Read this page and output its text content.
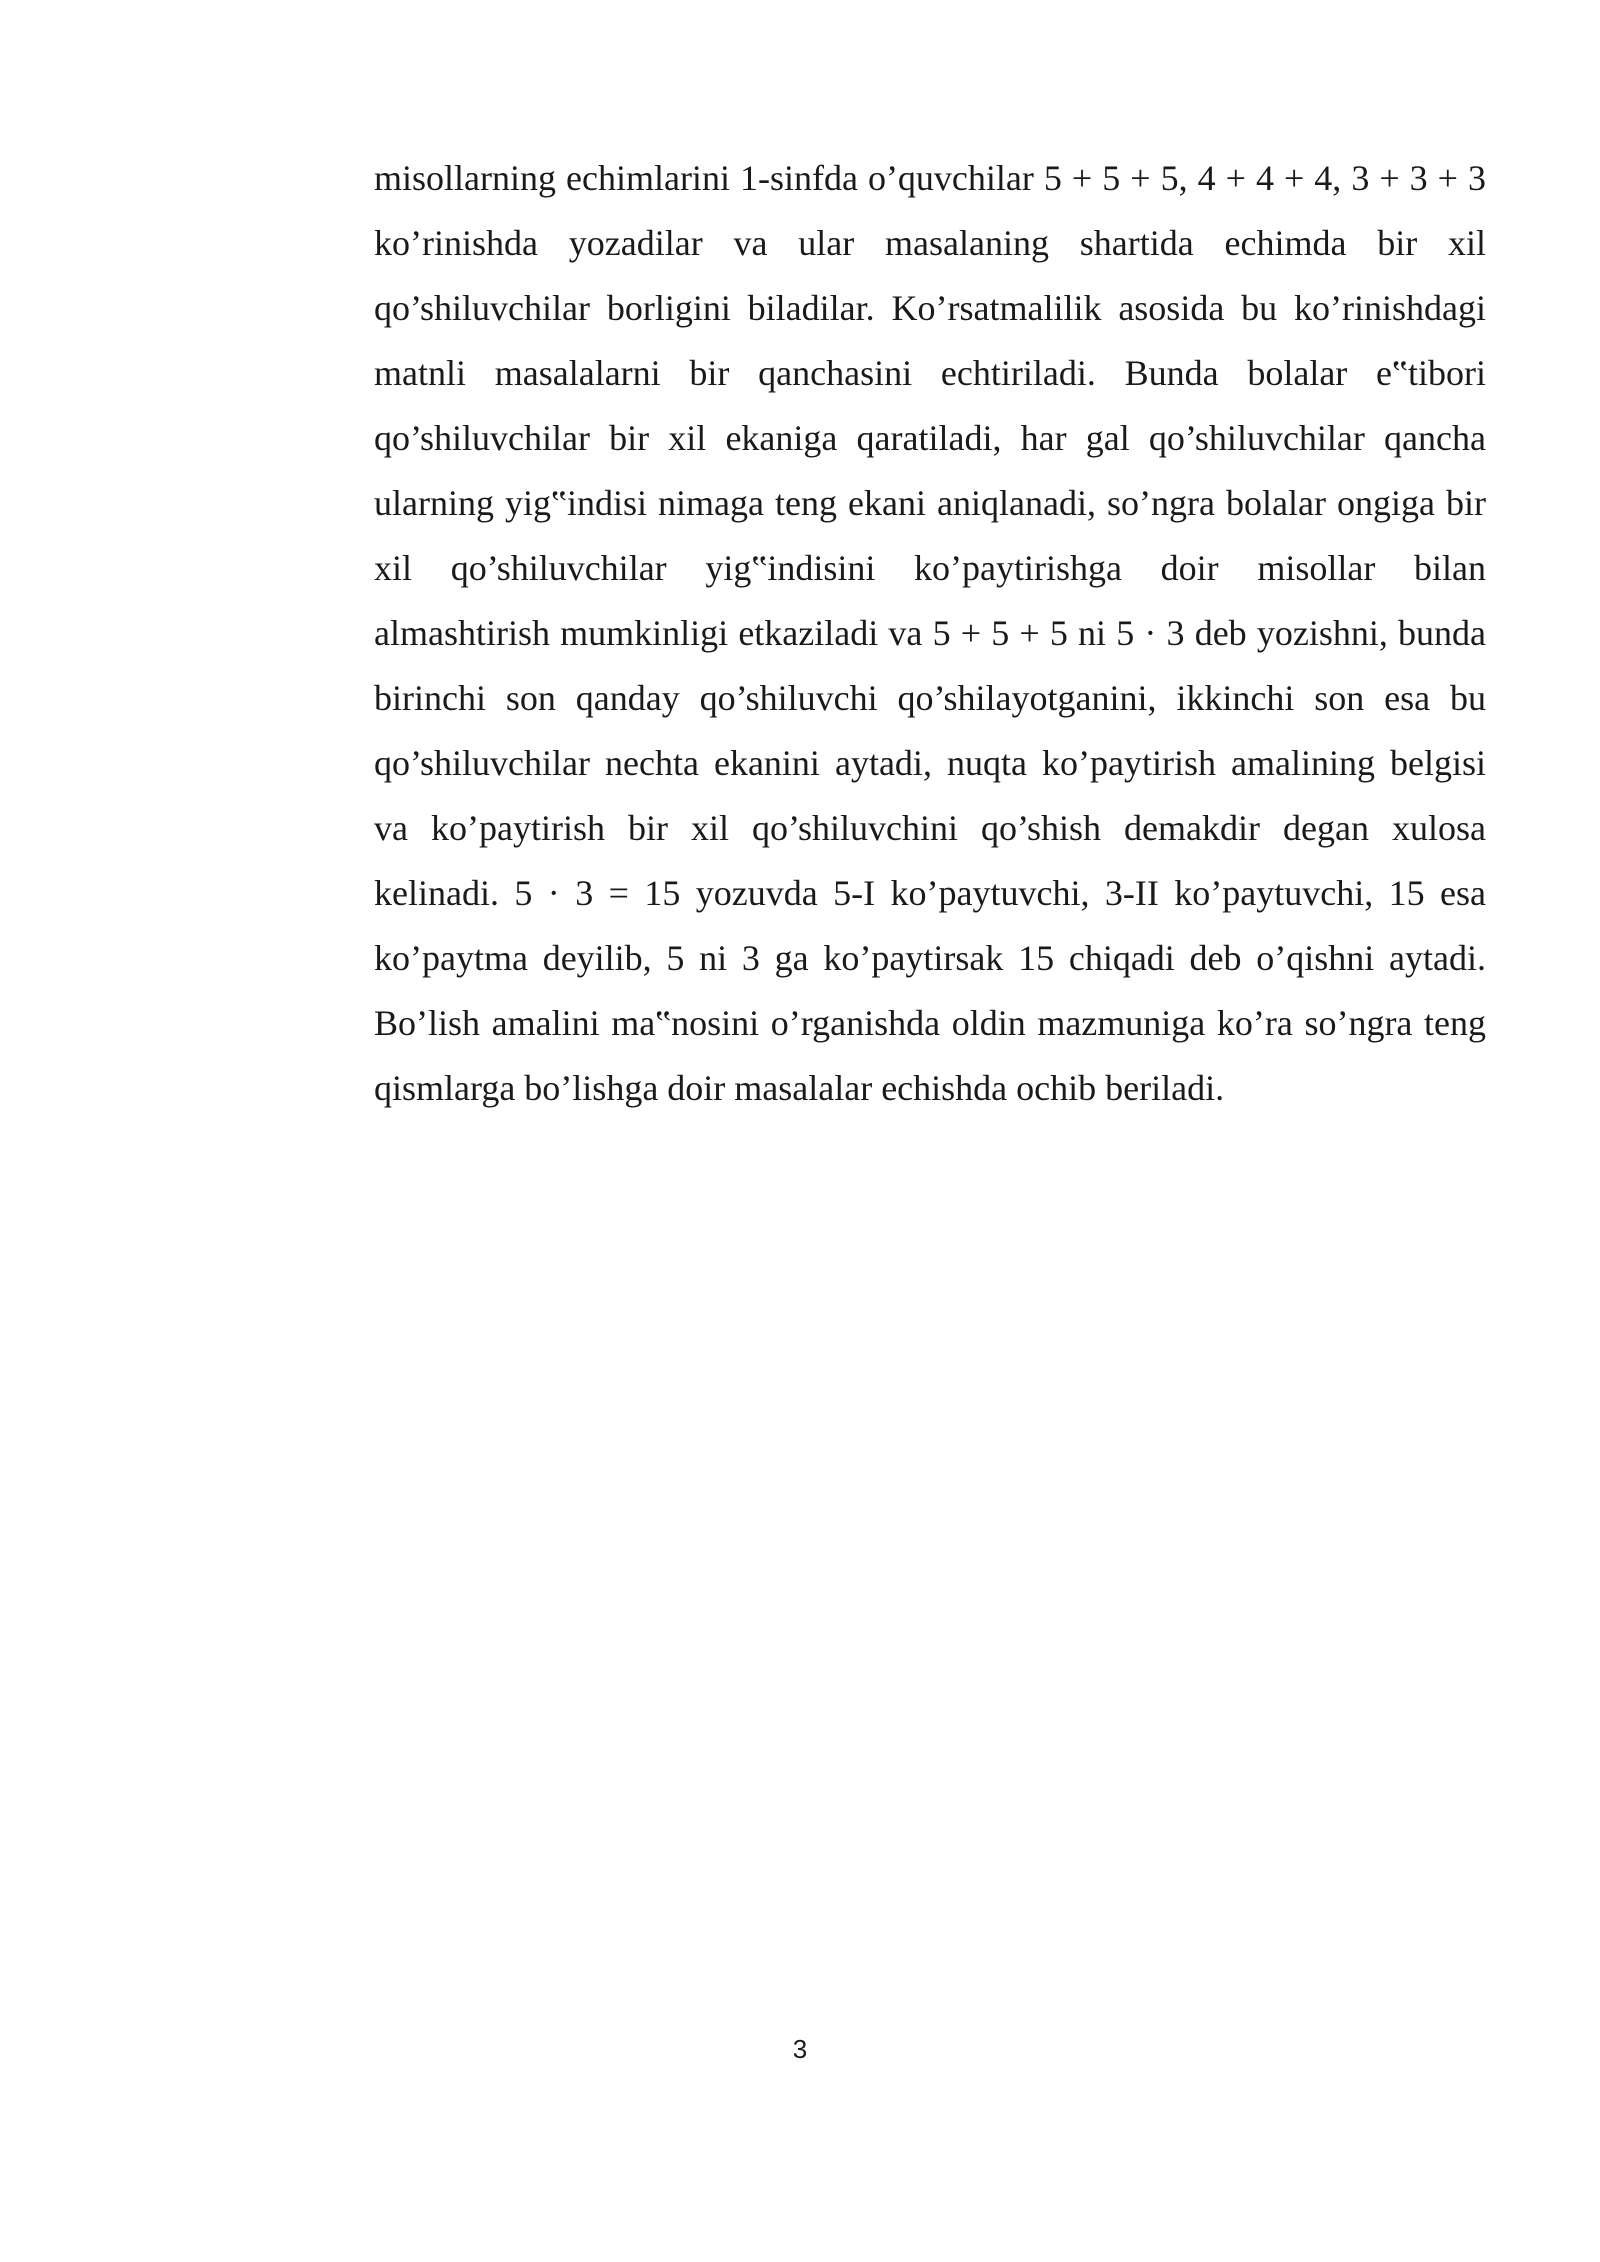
misollarning echimlarini 1-sinfda o’quvchilar 5 + 5 + 5, 4 + 4 + 4, 3 + 3 + 3 ko’rinishda yozadilar va ular masalaning shartida echimda bir xil qo’shiluvchilar borligini biladilar. Ko’rsatmalilik asosida bu ko’rinishdagi matnli masalalarni bir qanchasini echtiriladi. Bunda bolalar e‟tibori qo’shiluvchilar bir xil ekaniga qaratiladi, har gal qo’shiluvchilar qancha ularning yig‟indisi nimaga teng ekani aniqlanadi, so’ngra bolalar ongiga bir xil qo’shiluvchilar yig‟indisini ko’paytirishga doir misollar bilan almashtirish mumkinligi etkaziladi va 5 + 5 + 5 ni 5 · 3 deb yozishni, bunda birinchi son qanday qo’shiluvchi qo’shilayotganini, ikkinchi son esa bu qo’shiluvchilar nechta ekanini aytadi, nuqta ko’paytirish amalining belgisi va ko’paytirish bir xil qo’shiluvchini qo’shish demakdir degan xulosa kelinadi. 5 · 3 = 15 yozuvda 5-I ko’paytuvchi, 3-II ko’paytuvchi, 15 esa ko’paytma deyilib, 5 ni 3 ga ko’paytirsak 15 chiqadi deb o’qishni aytadi. Bo’lish amalini ma‟nosini o’rganishda oldin mazmuniga ko’ra so’ngra teng qismlarga bo’lishga doir masalalar echishda ochib beriladi.

3
